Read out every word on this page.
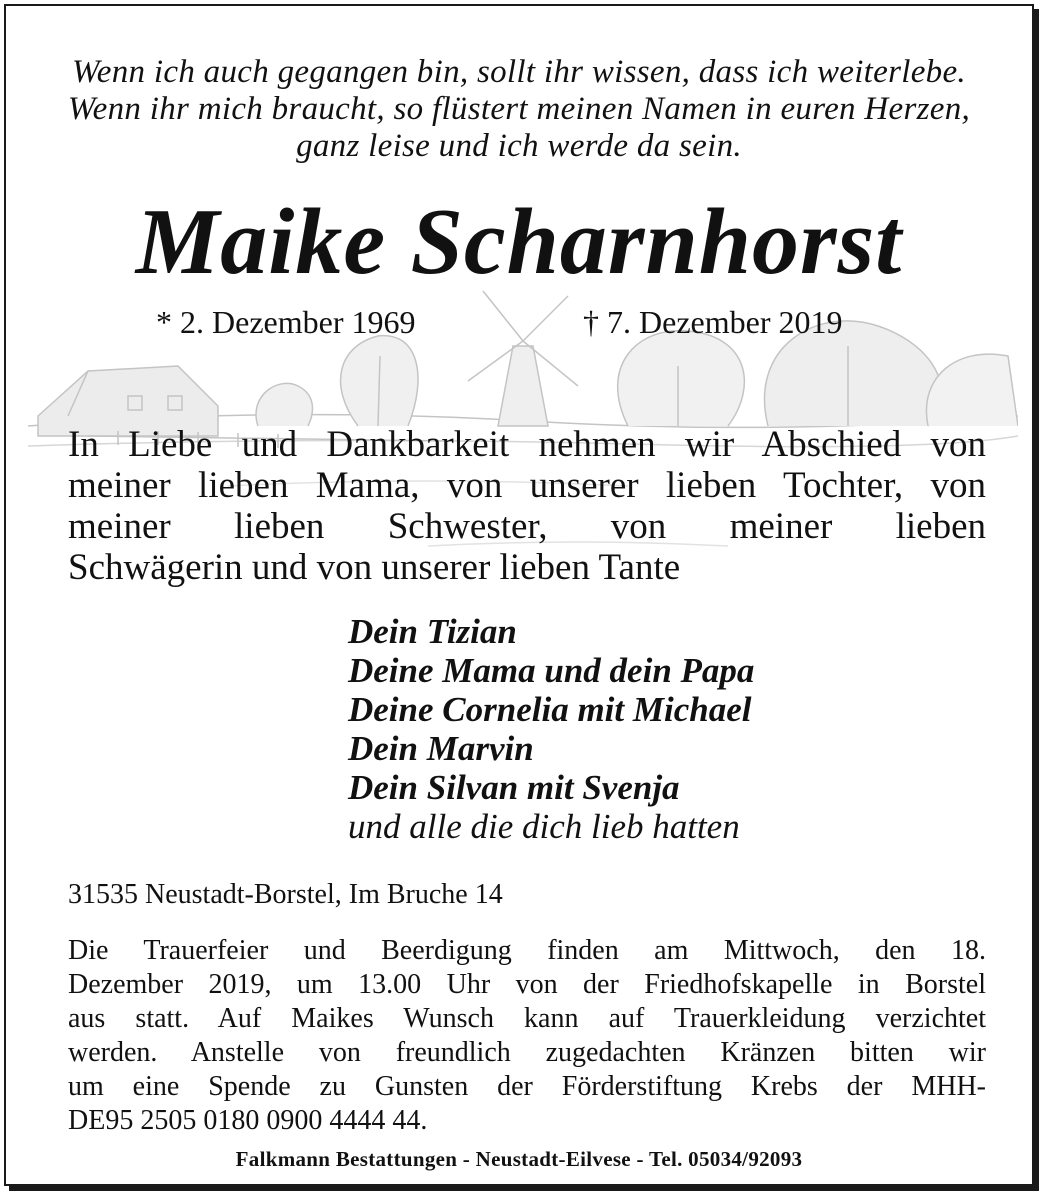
Wenn ich auch gegangen bin, sollt ihr wissen, dass ich weiterlebe.
Wenn ihr mich braucht, so flüstert meinen Namen in euren Herzen,
ganz leise und ich werde da sein.
Maike Scharnhorst
* 2. Dezember 1969	† 7. Dezember 2019
In Liebe und Dankbarkeit nehmen wir Abschied von
meiner lieben Mama, von unserer lieben Tochter, von
meiner lieben Schwester, von meiner lieben
Schwägerin und von unserer lieben Tante
Dein Tizian
Deine Mama und dein Papa
Deine Cornelia mit Michael
Dein Marvin
Dein Silvan mit Svenja
und alle die dich lieb hatten
31535 Neustadt-Borstel, Im Bruche 14
Die Trauerfeier und Beerdigung finden am Mittwoch, den 18.
Dezember 2019, um 13.00 Uhr von der Friedhofskapelle in Borstel
aus statt. Auf Maikes Wunsch kann auf Trauerkleidung verzichtet
werden. Anstelle von freundlich zugedachten Kränzen bitten wir
um eine Spende zu Gunsten der Förderstiftung Krebs der MHH-
DE95 2505 0180 0900 4444 44.
Falkmann Bestattungen - Neustadt-Eilvese - Tel. 05034/92093
